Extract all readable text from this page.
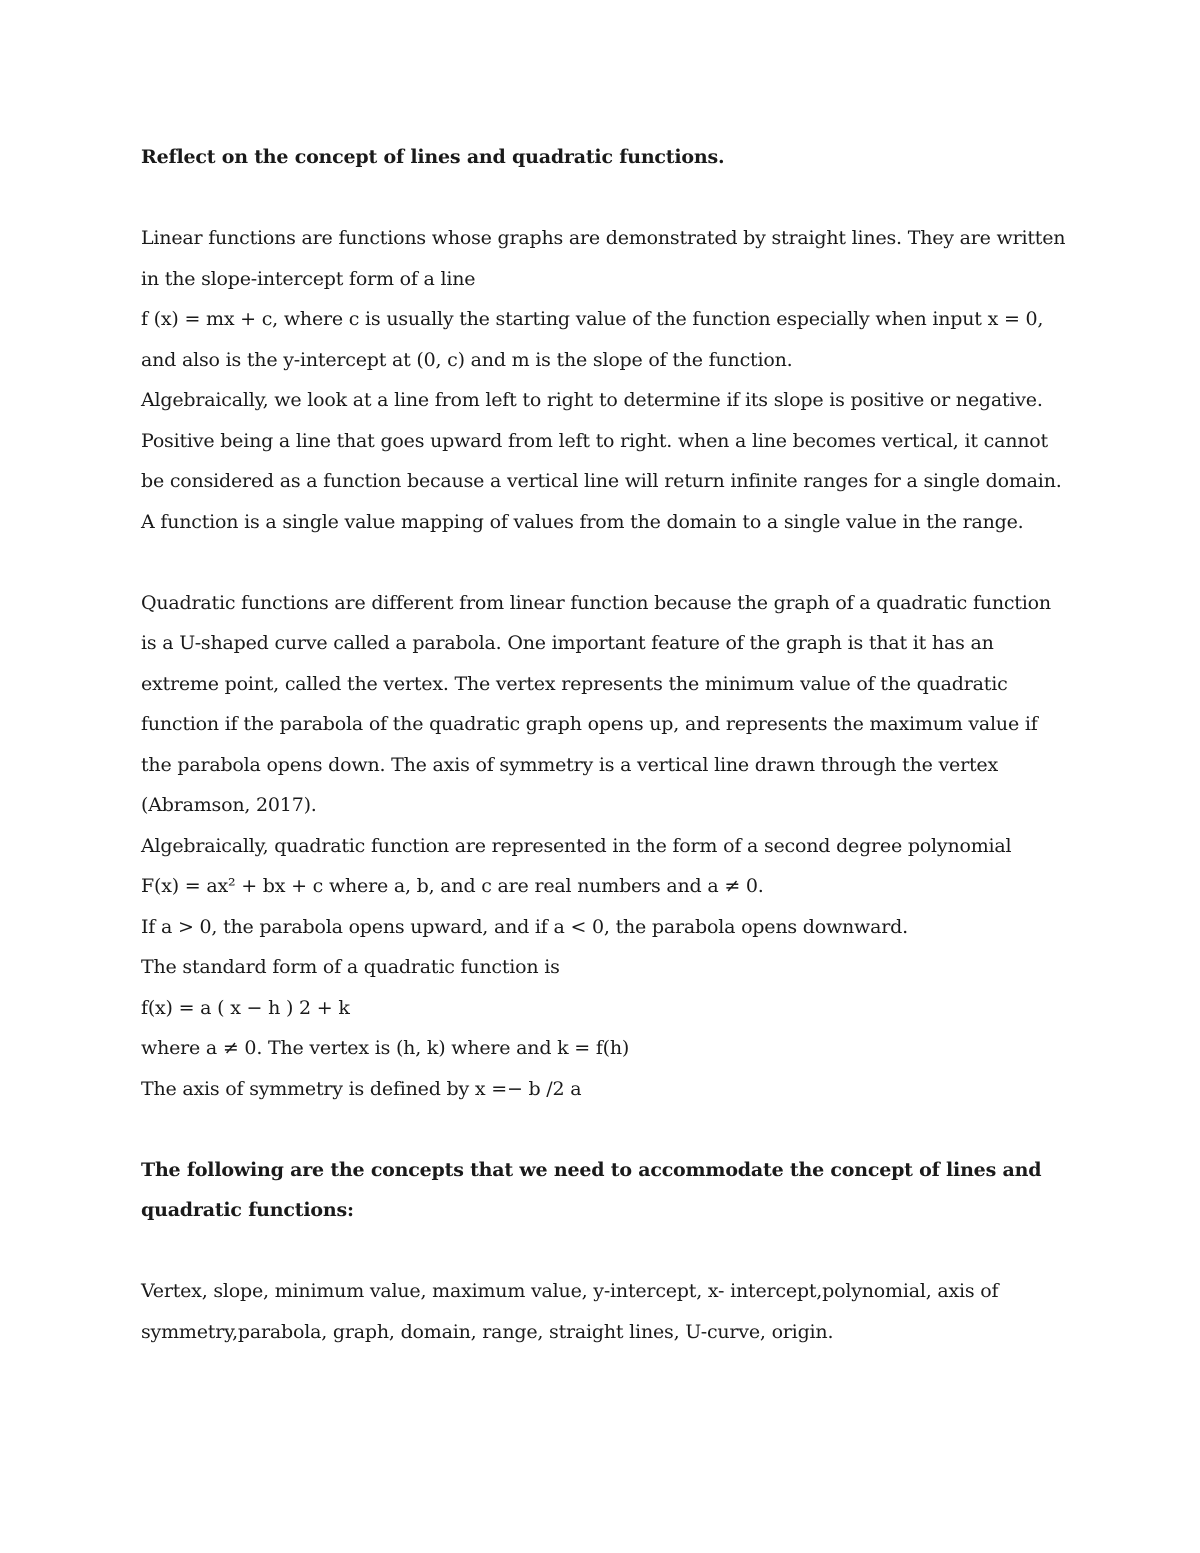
Reflect on the concept of lines and quadratic functions.
Linear functions are functions whose graphs are demonstrated by straight lines. They are written
in the slope-intercept form of a line
f (x) = mx + c, where c is usually the starting value of the function especially when input x = 0,
and also is the y-intercept at (0, c) and m is the slope of the function.
Algebraically, we look at a line from left to right to determine if its slope is positive or negative.
Positive being a line that goes upward from left to right. when a line becomes vertical, it cannot
be considered as a function because a vertical line will return infinite ranges for a single domain.
A function is a single value mapping of values from the domain to a single value in the range.
Quadratic functions are different from linear function because the graph of a quadratic function
is a U-shaped curve called a parabola. One important feature of the graph is that it has an
extreme point, called the vertex. The vertex represents the minimum value of the quadratic
function if the parabola of the quadratic graph opens up, and represents the maximum value if
the parabola opens down. The axis of symmetry is a vertical line drawn through the vertex
(Abramson, 2017).
Algebraically, quadratic function are represented in the form of a second degree polynomial
F(x) = ax² + bx + c where a, b, and c are real numbers and a ≠ 0.
If a > 0, the parabola opens upward, and if a < 0, the parabola opens downward.
The standard form of a quadratic function is
f(x) = a ( x − h ) 2 + k
where a ≠ 0. The vertex is (h, k) where and k = f(h)
The axis of symmetry is defined by x =− b /2 a
The following are the concepts that we need to accommodate the concept of lines and
quadratic functions:
Vertex, slope, minimum value, maximum value, y-intercept, x- intercept,polynomial, axis of
symmetry,parabola, graph, domain, range, straight lines, U-curve, origin.
